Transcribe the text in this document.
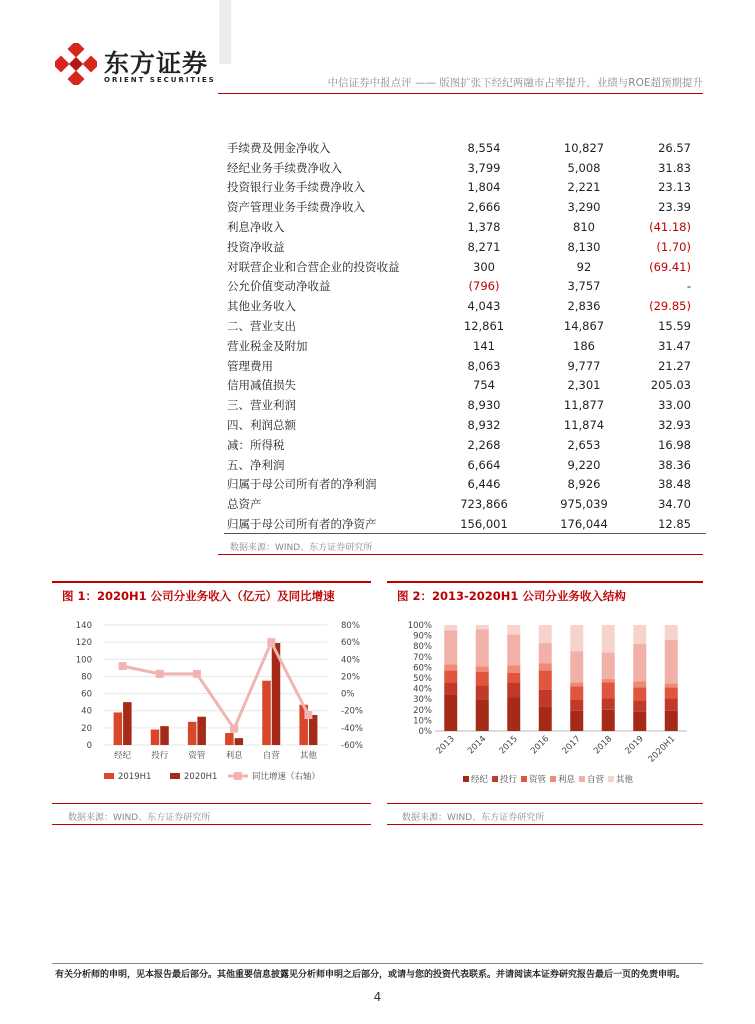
东方证券
ORIENT SECURITIES	中信证券中报点评 —— 版图扩张下经纪两融市占率提升，业绩与ROE超预期提升
手续费及佣金净收入	8,554	10,827	26.57
经纪业务手续费净收入	3,799	5,008	31.83
投资银行业务手续费净收入	1,804	2,221	23.13
资产管理业务手续费净收入	2,666	3,290	23.39
利息净收入	1,378	810	(41.18)
投资净收益	8,271	8,130	(1.70)
对联营企业和合营企业的投资收益	300	92	(69.41)
公允价值变动净收益	(796)	3,757	-
其他业务收入	4,043	2,836	(29.85)
二、营业支出	12,861	14,867	15.59
营业税金及附加	141	186	31.47
管理费用	8,063	9,777	21.27
信用减值损失	754	2,301	205.03
三、营业利润	8,930	11,877	33.00
四、利润总额	8,932	11,874	32.93
减：所得税	2,268	2,653	16.98
五、净利润	6,664	9,220	38.36
归属于母公司所有者的净利润	6,446	8,926	38.48
总资产	723,866	975,039	34.70
归属于母公司所有者的净资产	156,001	176,044	12.85
数据来源：WIND、东方证券研究所
图 1：2020H1 公司分业务收入（亿元）及同比增速
140
120
100
80
60
40
20
0
80%
60%
40%
20%
0%
-20%
-40%
-60%
经纪 投行 资管 利息 自营 其他
2019H1	2020H1	同比增速（右轴）
数据来源：WIND、东方证券研究所
图 2：2013-2020H1 公司分业务收入结构
100%
90%
80%
70%
60%
50%
40%
30%
20%
10%
0%
2013 2014 2015 2016 2017 2018 2019 2020H1
经纪 投行 资管 利息 自营 其他
数据来源：WIND、东方证券研究所
有关分析师的申明，见本报告最后部分。其他重要信息披露见分析师申明之后部分，或请与您的投资代表联系。并请阅读本证券研究报告最后一页的免责申明。
4
